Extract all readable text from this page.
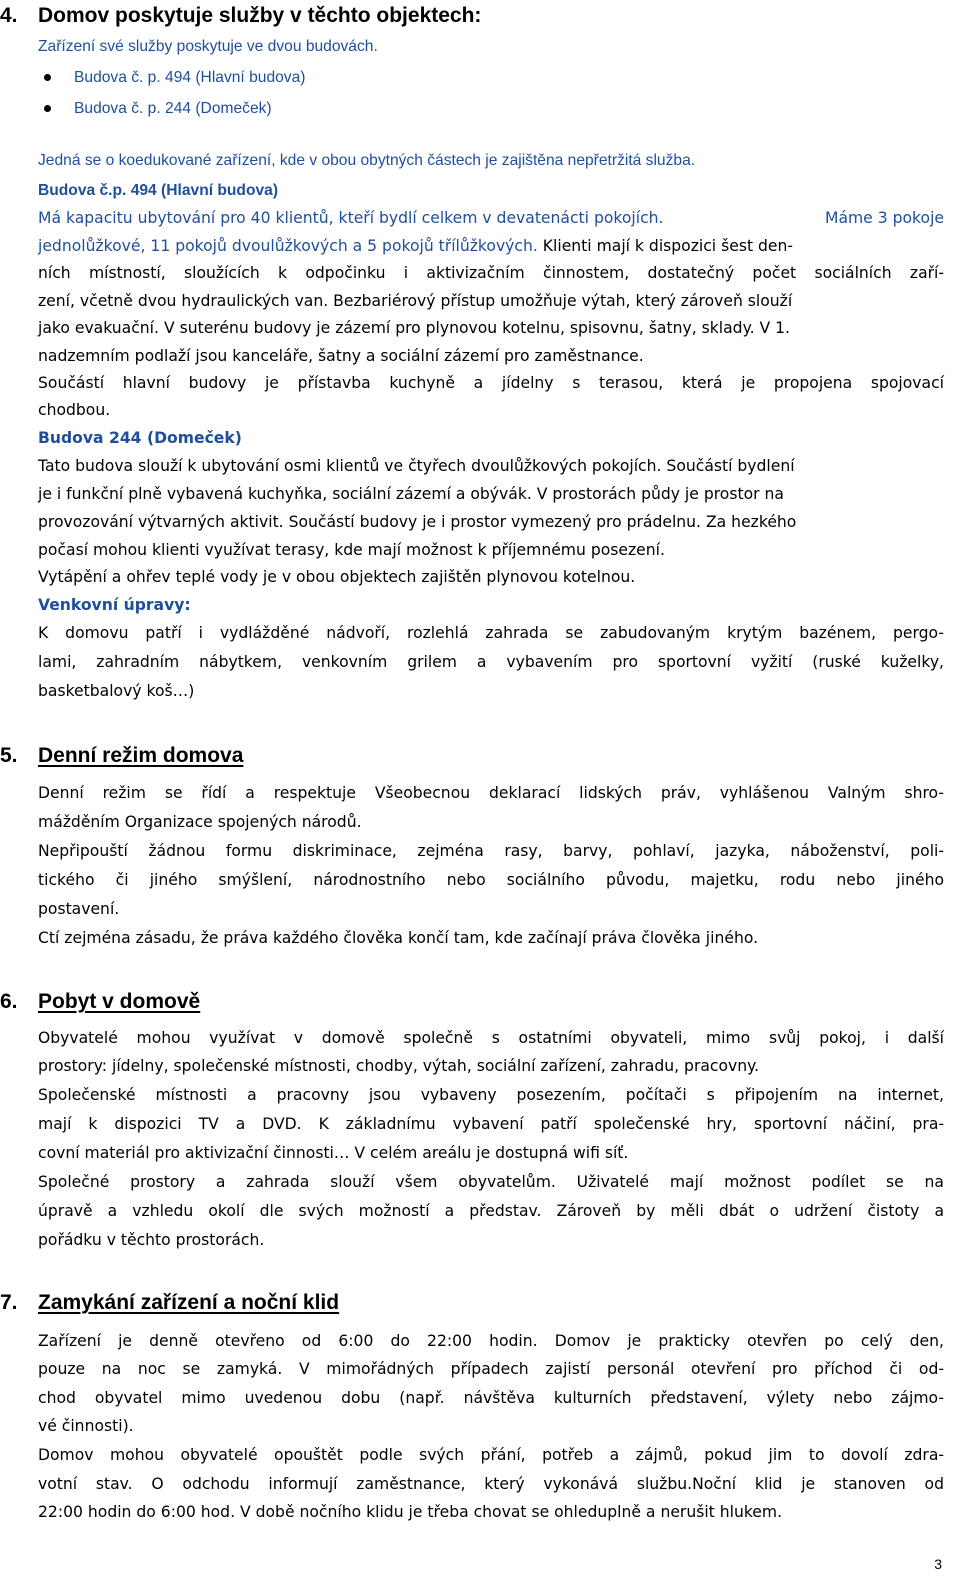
4. Domov poskytuje služby v těchto objektech:
Zařízení své služby poskytuje ve dvou budovách.
Budova č. p. 494 (Hlavní budova)
Budova č. p. 244 (Domeček)
Jedná se o koedukované zařízení, kde v obou obytných částech je zajištěna nepřetržitá služba.
Budova č.p. 494 (Hlavní budova)
Má kapacitu ubytování pro 40 klientů, kteří bydlí celkem v devatenácti pokojích.	Máme 3 pokoje
jednolůžkové, 11 pokojů dvoulůžkových a 5 pokojů třílůžkových. Klienti mají k dispozici šest den-
ních místností, sloužících k odpočinku i aktivizačním činnostem, dostatečný počet sociálních zaří-
zení, včetně dvou hydraulických van. Bezbariérový přístup umožňuje výtah, který zároveň slouží
jako evakuační. V suterénu budovy je zázemí pro plynovou kotelnu, spisovnu, šatny, sklady. V 1.
nadzemním podlaží jsou kanceláře, šatny a sociální zázemí pro zaměstnance.
Součástí hlavní budovy je přístavba kuchyně a jídelny s terasou, která je propojena spojovací
chodbou.
Budova 244 (Domeček)
Tato budova slouží k ubytování osmi klientů ve čtyřech dvoulůžkových pokojích. Součástí bydlení
je i funkční plně vybavená kuchyňka, sociální zázemí a obývák. V prostorách půdy je prostor na
provozování výtvarných aktivit. Součástí budovy je i prostor vymezený pro prádelnu. Za hezkého
počasí mohou klienti využívat terasy, kde mají možnost k příjemnému posezení.
Vytápění a ohřev teplé vody je v obou objektech zajištěn plynovou kotelnou.
Venkovní úpravy:
K domovu patří i vydlážděné nádvoří, rozlehlá zahrada se zabudovaným krytým bazénem, pergo-
lami, zahradním nábytkem, venkovním grilem a vybavením pro sportovní vyžití (ruské kuželky,
basketbalový koš…)
5. Denní režim domova
Denní režim se řídí a respektuje Všeobecnou deklarací lidských práv, vyhlášenou Valným shro-
mážděním Organizace spojených národů.
Nepřipouští žádnou formu diskriminace, zejména rasy, barvy, pohlaví, jazyka, náboženství, poli-
tického či jiného smýšlení, národnostního nebo sociálního původu, majetku, rodu nebo jiného
postavení.
Ctí zejména zásadu, že práva každého člověka končí tam, kde začínají práva člověka jiného.
6. Pobyt v domově
Obyvatelé mohou využívat v domově společně s ostatními obyvateli, mimo svůj pokoj, i další
prostory: jídelny, společenské místnosti, chodby, výtah, sociální zařízení, zahradu, pracovny.
Společenské místnosti a pracovny jsou vybaveny posezením, počítači s připojením na internet,
mají k dispozici TV a DVD. K základnímu vybavení patří společenské hry, sportovní náčiní, pra-
covní materiál pro aktivizační činnosti… V celém areálu je dostupná wifi síť.
Společné prostory a zahrada slouží všem obyvatelům. Uživatelé mají možnost podílet se na
úpravě a vzhledu okolí dle svých možností a představ. Zároveň by měli dbát o udržení čistoty a
pořádku v těchto prostorách.
7. Zamykání zařízení a noční klid
Zařízení je denně otevřeno od 6:00 do 22:00 hodin. Domov je prakticky otevřen po celý den,
pouze na noc se zamyká. V mimořádných případech zajistí personál otevření pro příchod či od-
chod obyvatel mimo uvedenou dobu (např. návštěva kulturních představení, výlety nebo zájmo-
vé činnosti).
Domov mohou obyvatelé opouštět podle svých přání, potřeb a zájmů, pokud jim to dovolí zdra-
votní stav. O odchodu informují zaměstnance, který vykonává službu.Noční klid je stanoven od
22:00 hodin do 6:00 hod. V době nočního klidu je třeba chovat se ohleduplně a nerušit hlukem.
3
